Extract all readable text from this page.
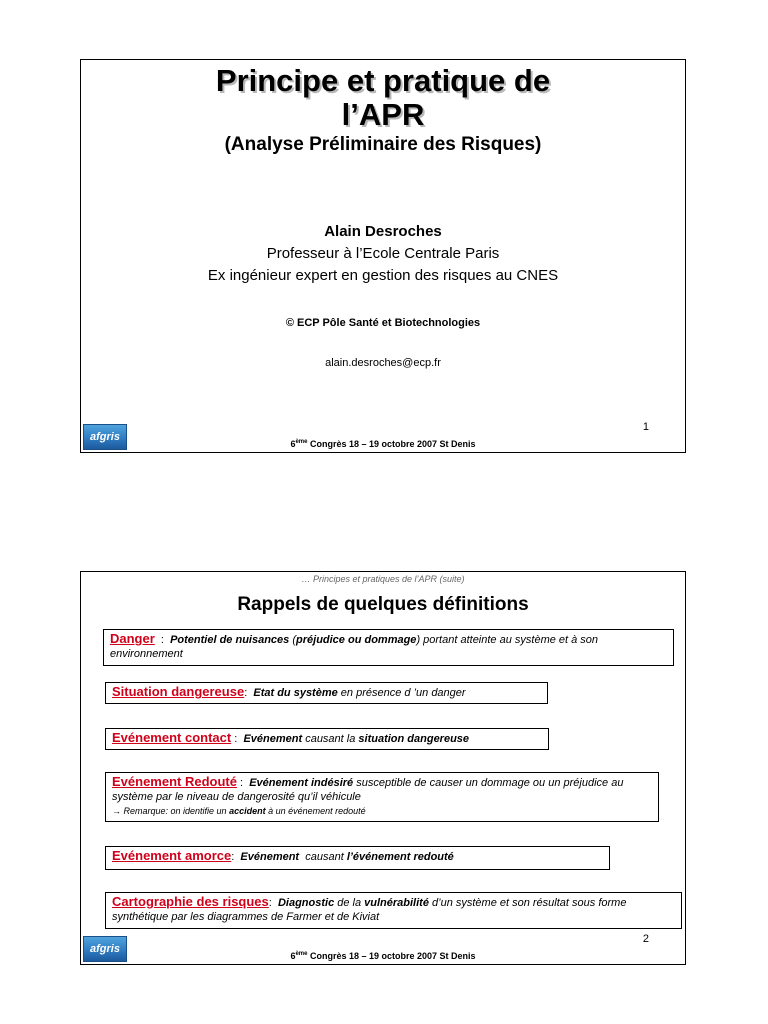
Principe et pratique de
l’APR
(Analyse Préliminaire des Risques)
Alain Desroches
Professeur à l’Ecole Centrale Paris
Ex ingénieur expert en gestion des risques au CNES
© ECP Pôle Santé et Biotechnologies
alain.desroches@ecp.fr
1
afgris
6ème Congrès 18 – 19 octobre 2007 St Denis
… Principes et pratiques de l’APR (suite)
Rappels de quelques définitions
Danger  :  Potentiel de nuisances (préjudice ou dommage) portant atteinte au système et à son environnement
Situation dangereuse:  Etat du système en présence d ’un danger
Evénement contact :  Evénement causant la situation dangereuse
Evénement Redouté :  Evénement indésiré susceptible de causer un dommage ou un préjudice au système par le niveau de dangerosité qu’il véhicule
→ Remarque: on identifie un accident à un événement redouté
Evénement amorce:  Evénement  causant l’événement redouté
Cartographie des risques:  Diagnostic de la vulnérabilité d’un système et son résultat sous forme synthétique par les diagrammes de Farmer et de Kiviat
2
afgris
6ème Congrès 18 – 19 octobre 2007 St Denis
